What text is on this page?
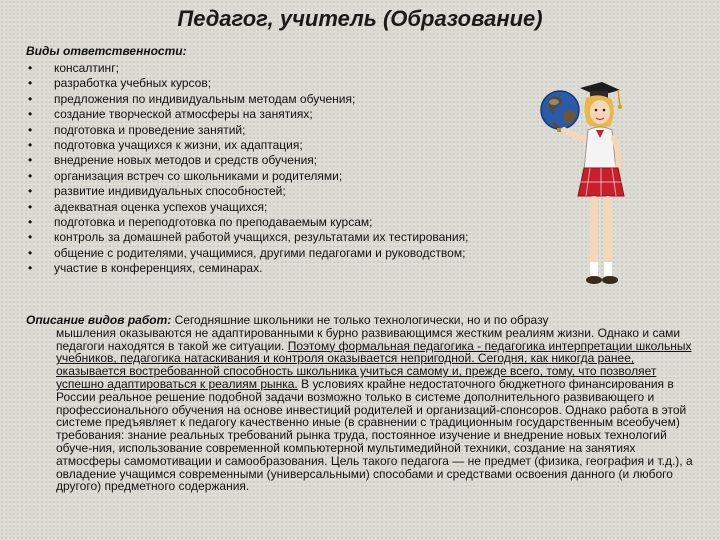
Педагог, учитель (Образование)
Виды ответственности:
• консалтинг;
• разработка учебных курсов;
• предложения по индивидуальным методам обучения;
• создание творческой атмосферы на занятиях;
• подготовка и проведение занятий;
• подготовка учащихся к жизни, их адаптация;
• внедрение новых методов и средств обучения;
• организация встреч со школьниками и родителями;
• развитие индивидуальных способностей;
• адекватная оценка успехов учащихся;
• подготовка и переподготовка по преподаваемым курсам;
• контроль за домашней работой учащихся, результатами их тестирования;
• общение с родителями, учащимися, другими педагогами и руководством;
• участие в конференциях, семинарах.

Описание видов работ: Сегодняшние школьники не только технологически, но и по образу

мышления оказываются не адаптированными к бурно развивающимся жестким реалиям жизни. Однако и сами педагоги находятся в такой же ситуации. Поэтому формальная педагогика - педагогика интерпретации школьных учебников, педагогика натаскивания и контроля оказывается непригодной. Сегодня, как никогда ранее, оказывается востребованной способность школьника учиться самому и, прежде всего, тому, что позволяет успешно адаптироваться к реалиям рынка. В условиях крайне недостаточного бюджетного финансирования в России реальное решение подобной задачи возможно только в системе дополнительного развивающего и профессионального обучения на основе инвестиций родителей и организаций-спонсоров. Однако работа в этой системе предъявляет к педагогу качественно иные (в сравнении с традиционным государственным всеобучем) требования: знание реальных требований рынка труда, постоянное изучение и внедрение новых технологий обуче-ния, использование современной компьютерной мультимедийной техники, создание на занятиях атмосферы самомотивации и самообразования. Цель такого педагога — не предмет (физика, география и т.д.), а овладение учащимся современными (универсальными) способами и средствами освоения данного (и любого другого) предметного содержания.
